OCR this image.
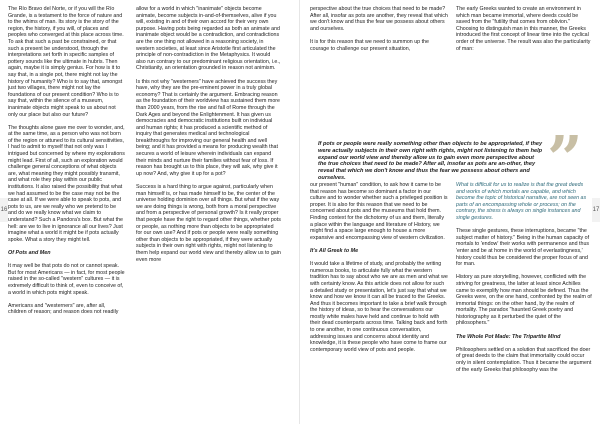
The Río Bravo del Norte, or if you will the Río Grande, is a testament to the force of nature and to the whims of man. Its story is the story of the region, the history, if you will, of places and peoples who converged at this place across time. To ask that such a past be constrained, or that such a present be understood, through the interpretations set forth in specific samples of pottery sounds like the ultimate in hubris. Then again, maybe it is simply genius. For how is it to say that, in a single pot, there might not lay the history of humanity? Who is to say that, amongst just two villages, there might not lay the foundations of our present condition? Who is to say that, within the silence of a museum, inanimate objects might speak to us about not only our place but also our future?

The thoughts alone gave me over to wonder, and, at the same time, as a person who was not born of the region or attuned to its cultural sensitivities, I had to admit to myself that not only was I intrigued but concerned by where my explorations might lead. First of all, such an exploration would challenge general conceptions of what objects are, what meaning they might possibly transmit, and what role they play within our public institutions. It also raised the possibility that what we had assumed to be the case may not be the case at all. If we were able to speak to pots, and pots to us, are we really who we pretend to be and do we really know what we claim to understand? Such a Pandora's box. But what the hell: are we to live in ignorance all our lives? Just imagine what a world it might be if pots actually spoke. What a story they might tell.

Of Pots and Men

It may well be that pots do not or cannot speak. But for most Americans — in fact, for most people raised in the so-called "western" cultures — it is extremely difficult to think of, even to conceive of, a world in which pots might speak.

Americans and "westerners" are, after all, children of reason; and reason does not readily

allow for a world in which "inanimate" objects become animate, become subjects in-and-of-themselves, alive if you will, existing in and of their own accord for their very own purpose. Having pots being regarded as both an animate and inanimate object would be a contradiction, and contradictions are the one thing not allowed in a reasoning society, in western societies, at least since Aristotle first articulated the principle of non-contradiction in the Metaphysics. It would also run contrary to our predominant religious orientation, i.e., Christianity, an orientation grounded in reason not animism.

Is this not why "westerners" have achieved the success they have, why they are the pre-eminent power in a truly global economy? That is certainly the argument. Embracing reason as the foundation of their worldview has sustained them more than 2000 years, from the rise and fall of Rome through the Dark Ages and beyond the Enlightenment. It has given us democracies and democratic institutions built on individual and human rights; it has produced a scientific method of inquiry that generates medical and technological breakthroughs for improving our general health and well being; and it has provided a means for producing wealth that secures a world of leisure wherein individuals can expand their minds and nurture their families without fear of loss. If reason has brought us to this place, they will ask, why give it up now? And, why give it up for a pot?

Success is a hard thing to argue against, particularly when man himself is, or has made himself to be, the center of the universe holding dominion over all things. But what if the way we are doing things is wrong, both from a moral perspective and from a perspective of personal growth? Is it really proper that people have the right to regard other things, whether pots or people, as nothing more than objects to be appropriated for our own use? And if pots or people were really something other than objects to be appropriated, if they were actually subjects in their own right with rights, might not listening to them help expand our world view and thereby allow us to gain even more

perspective about the true choices that need to be made? After all, insofar as pots are another, they reveal that which we don't know and thus the fear we possess about others and ourselves.

It is for this reason that we need to summon up the courage to challenge our present situation,

The early Greeks wanted to create an environment in which man became immortal, where deeds could be saved from the "futility that comes from oblivion." Choosing to distinguish man in this manner, the Greeks introduced the first concept of linear time into the cyclical order of the universe. The result was also the particularity of man:

If pots or people were really something other than objects to be appropriated, if they were actually subjects in their own right with rights, might not listening to them help expand our world view and thereby allow us to gain even more perspective about the true choices that need to be made? After all, insofar as pots are an-other, they reveal that which we don't know and thus the fear we possess about others and ourselves.	”

our present "human" condition, to ask how it came to be that reason has become so dominant a factor in our culture and to wonder whether such a privileged position is proper. It is also for this reason that we need to be concerned about pots and the museums that hold them. Finding context for the dichotomy of us and them, literally a place within the language and literature of History, we might find a space large enough to house a more expansive and encompassing view of western civilization.

It's All Greek to Me

It would take a lifetime of study, and probably the writing numerous books, to articulate fully what the western tradition has to say about who we are as men and what we with certainty know. As this article does not allow for such a detailed study or presentation, let's just say that what we know and how we know it can all be traced to the Greeks. And thus it becomes important to take a brief walk through the history of ideas, so to hear the conversations our mostly white males have held and continue to hold with their dead counterparts across time. Talking back and forth to one another, in one continuous conversation, addressing issues and concerns about identity and knowledge, it is these people who have come to frame our contemporary world view of pots and people.

What is difficult for us to realize is that the great deeds and works of which mortals are capable, and which become the topic of historical narrative, are not seen as parts of an encompassing whole or process; on the contrary, the stress is always on single instances and single gestures.

These single gestures, these interruptions, became "the subject matter of history." Being in the human capacity of mortals to 'endow' their works with permanence and thus 'enter and be at home in the world of everlastingness,' history could thus be considered the proper focus of and for man.

History as pure storytelling, however, conflicted with the striving for greatness, the latter at least since Achilles came to exemplify how man should be defined. Thus the Greeks were, on the one hand, confronted by the realm of immortal things: on the other hand, by the realm of mortality. The paradox "haunted Greek poetry and historiography as it perturbed the quiet of the philosophers."

The Whole Pot Made: The Tripartite Mind

Philosophers settled on a solution that sacrificed the doer of great deeds to the claim that immortality could occur only in silent contemplation. Thus it became the argument of the early Greeks that philosophy was the

16	17
